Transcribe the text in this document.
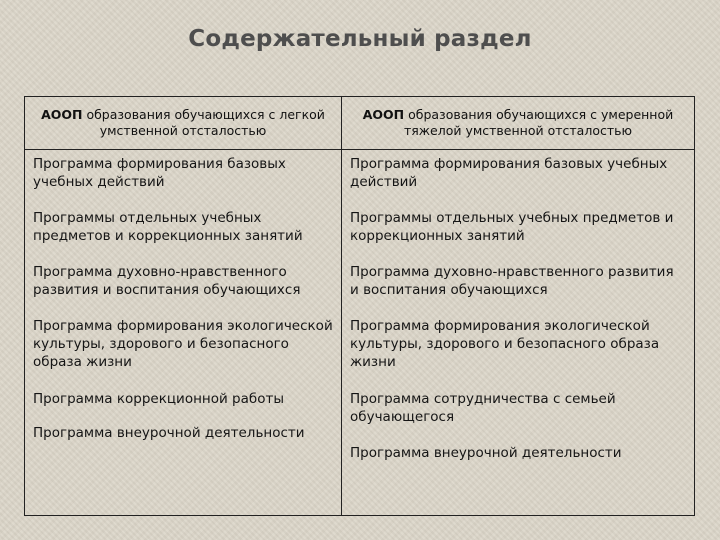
Содержательный раздел
АООП образования обучающихся с легкой умственной отсталостью
Программа формирования базовых учебных действий
Программы отдельных учебных предметов и коррекционных занятий
Программа духовно-нравственного развития и воспитания обучающихся
Программа формирования экологической культуры, здорового и безопасного образа жизни
Программа коррекционной работы
Программа внеурочной деятельности
АООП образования обучающихся с умеренной тяжелой умственной отсталостью
Программа формирования базовых учебных действий
Программы отдельных учебных предметов и коррекционных занятий
Программа духовно-нравственного развития и воспитания обучающихся
Программа формирования экологической культуры, здорового и безопасного образа жизни
Программа сотрудничества с семьей обучающегося
Программа внеурочной деятельности
